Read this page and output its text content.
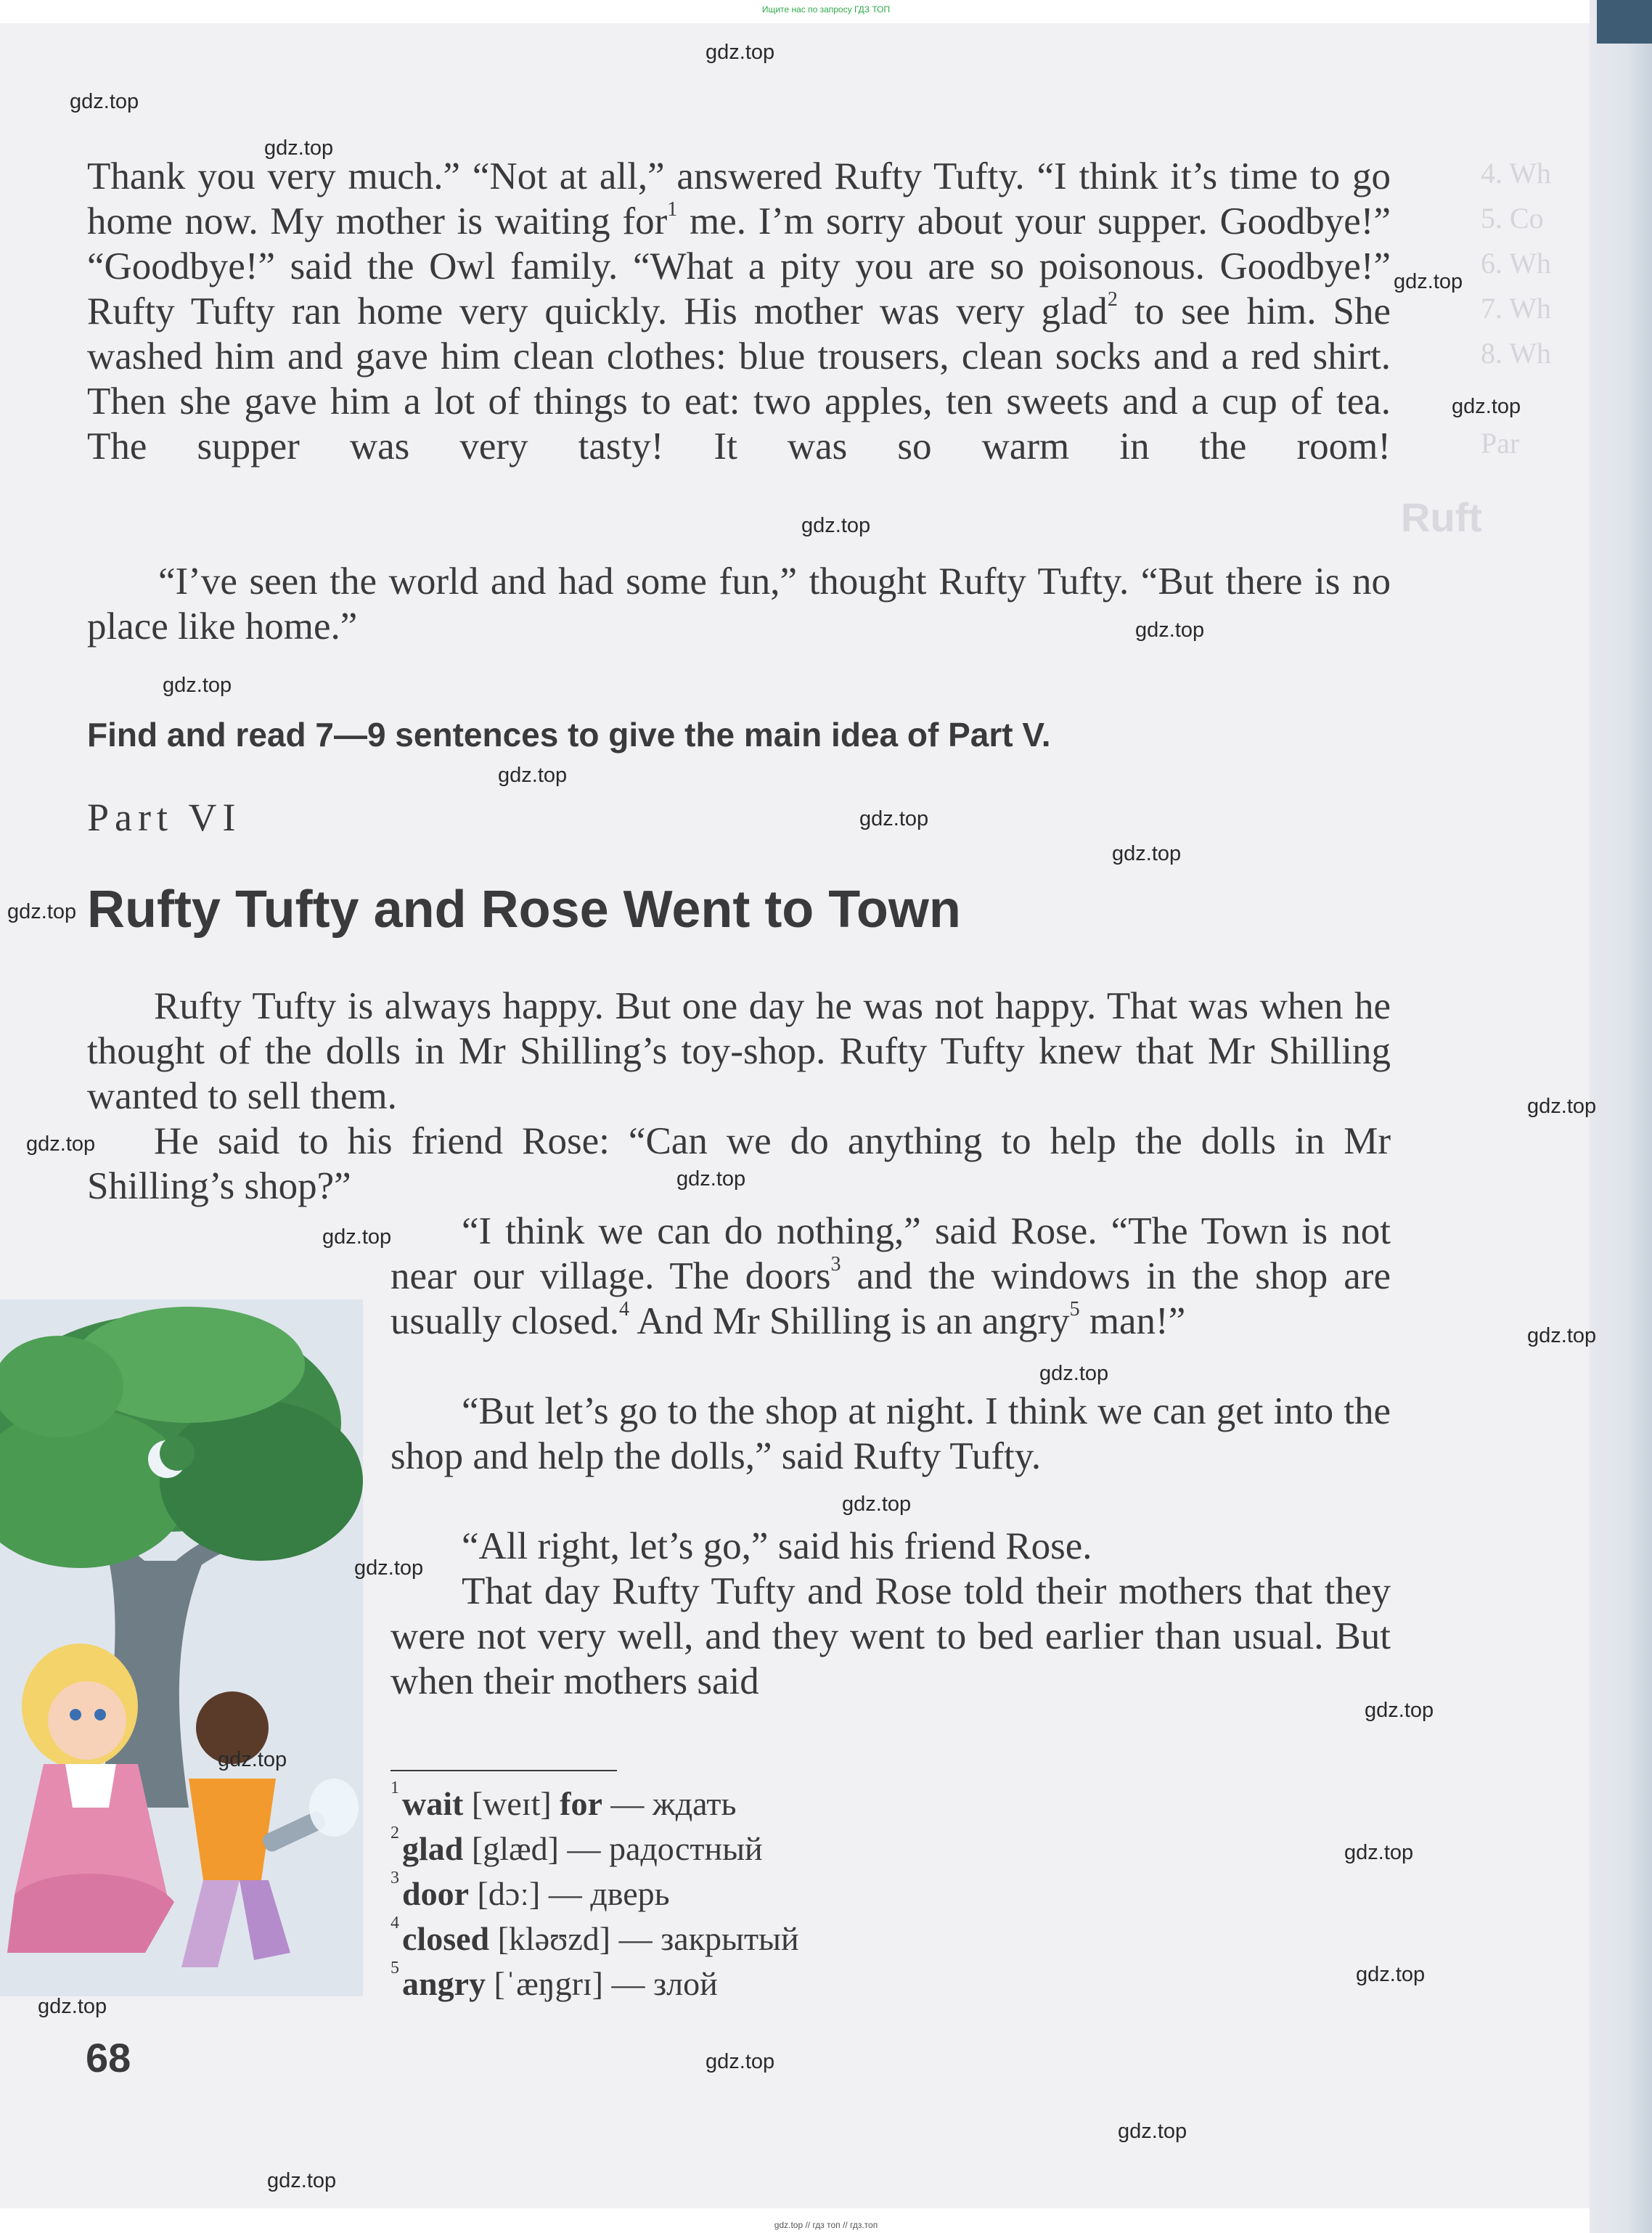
Ищите нас по запросу ГДЗ ТОП
4. Wh
5. Co
6. Wh
7. Wh
8. Wh
Par
Ruft

Thank you very much.” “Not at all,” answered Rufty Tufty. “I think it’s time to go home now. My mother is waiting for$^1$ me. I’m sorry about your supper. Goodbye!” “Goodbye!” said the Owl family. “What a pity you are so poisonous. Goodbye!” Rufty Tufty ran home very quickly. His mother was very glad$^2$ to see him. She washed him and gave him clean clothes: blue trousers, clean socks and a red shirt. Then she gave him a lot of things to eat: two apples, ten sweets and a cup of tea. The supper was very tasty! It was so warm in the room!

“I’ve seen the world and had some fun,” thought Rufty Tufty. “But there is no place like home.”

Find and read 7—9 sentences to give the main idea of Part V.
Part VI
Rufty Tufty and Rose Went to Town

Rufty Tufty is always happy. But one day he was not happy. That was when he thought of the dolls in Mr Shilling’s toy-shop. Rufty Tufty knew that Mr Shilling wanted to sell them.

He said to his friend Rose: “Can we do anything to help the dolls in Mr Shilling’s shop?”

“I think we can do nothing,” said Rose. “The Town is not near our village. The doors$^3$ and the windows in the shop are usually closed.$^4$ And Mr Shilling is an angry$^5$ man!”

“But let’s go to the shop at night. I think we can get into the shop and help the dolls,” said Rufty Tufty.

“All right, let’s go,” said his friend Rose.

That day Rufty Tufty and Rose told their mothers that they were not very well, and they went to bed earlier than usual. But when their mothers said

$^1$wait [weɪt] for — ждать
$^2$glad [glæd] — радостный
$^3$door [dɔː] — дверь
$^4$closed [kləʊzd] — закрытый
$^5$angry [ˈæŋgrɪ] — злой
68
gdz.top
gdz.top
gdz.top
gdz.top
gdz.top
gdz.top
gdz.top
gdz.top
gdz.top
gdz.top
gdz.top
gdz.top
gdz.top
gdz.top
gdz.top
gdz.top
gdz.top
gdz.top
gdz.top
gdz.top
gdz.top
gdz.top
gdz.top
gdz.top
gdz.top
gdz.top
gdz.top
gdz.top
gdz.top // гдз топ // гдз.топ
